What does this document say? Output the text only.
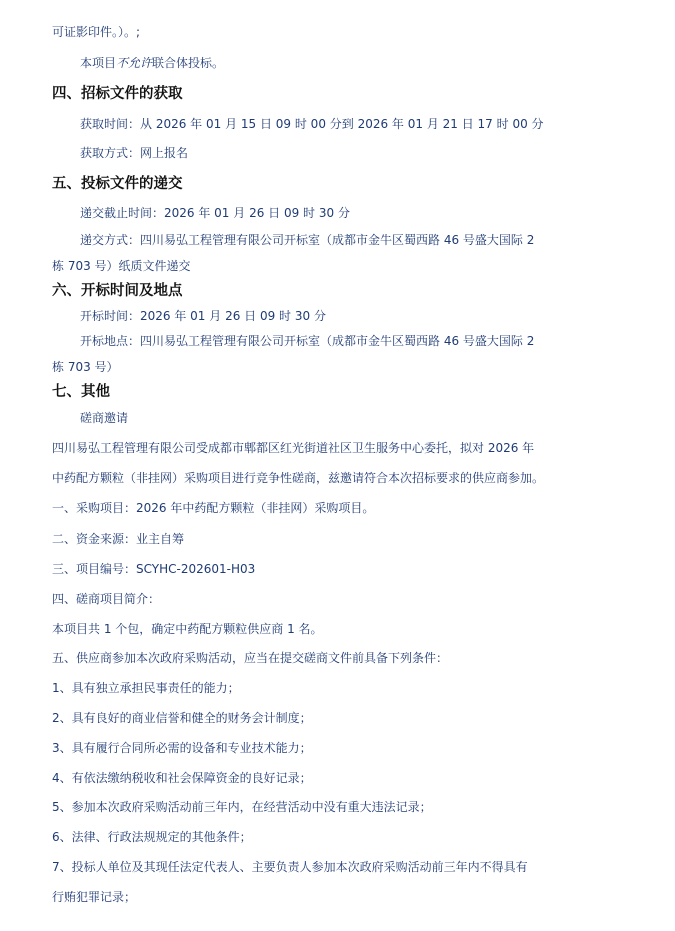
可证影印件。）。;
本项目不允许联合体投标。
四、招标文件的获取
获取时间：从 2026 年 01 月 15 日 09 时 00 分到 2026 年 01 月 21 日 17 时 00 分
获取方式：网上报名
五、投标文件的递交
递交截止时间：2026 年 01 月 26 日 09 时 30 分
递交方式：四川易弘工程管理有限公司开标室（成都市金牛区蜀西路 46 号盛大国际 2
栋 703 号）纸质文件递交
六、开标时间及地点
开标时间：2026 年 01 月 26 日 09 时 30 分
开标地点：四川易弘工程管理有限公司开标室（成都市金牛区蜀西路 46 号盛大国际 2
栋 703 号）
七、其他
磋商邀请
四川易弘工程管理有限公司受成都市郫都区红光街道社区卫生服务中心委托，拟对 2026 年
中药配方颗粒（非挂网）采购项目进行竞争性磋商，兹邀请符合本次招标要求的供应商参加。
一、采购项目：2026 年中药配方颗粒（非挂网）采购项目。
二、资金来源：业主自筹
三、项目编号：SCYHC-202601-H03
四、磋商项目简介：
本项目共 1 个包，确定中药配方颗粒供应商 1 名。
五、供应商参加本次政府采购活动，应当在提交磋商文件前具备下列条件：
1、具有独立承担民事责任的能力；
2、具有良好的商业信誉和健全的财务会计制度；
3、具有履行合同所必需的设备和专业技术能力；
4、有依法缴纳税收和社会保障资金的良好记录；
5、参加本次政府采购活动前三年内，在经营活动中没有重大违法记录；
6、法律、行政法规规定的其他条件；
7、投标人单位及其现任法定代表人、主要负责人参加本次政府采购活动前三年内不得具有
行贿犯罪记录；
